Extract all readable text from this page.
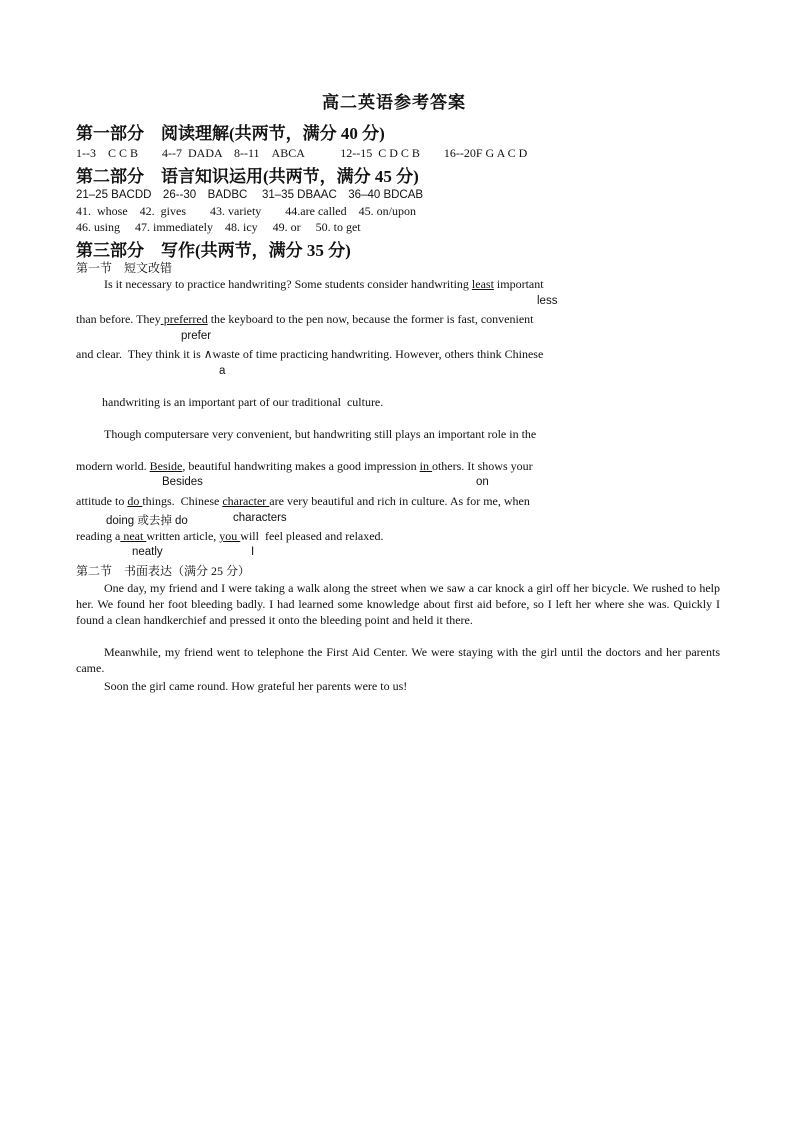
高二英语参考答案
第一部分　阅读理解(共两节，满分 40 分)
1--3　C C B　　4--7  DADA　8--11　ABCA　　　12--15  C D C B　　16--20F G A C D
第二部分　语言知识运用(共两节，满分 45 分)
21–25 BACDD　26--30　BADBC　 31–35 DBAAC　36–40 BDCAB
41.  whose　42.  gives　　43. variety　　44.are called　45. on/upon
46. using　 47. immediately　48. icy　 49. or　 50. to get
第三部分　写作(共两节，满分 35 分)
第一节　短文改错
Is it necessary to practice handwriting? Some students consider handwriting least important
less
than before. They preferred the keyboard to the pen now, because the former is fast, convenient
prefer
and clear.  They think it is ∧waste of time practicing handwriting. However, others think Chinese
a
handwriting is an important part of our traditional  culture.
Though computersare very convenient, but handwriting still plays an important role in the
modern world. Beside, beautiful handwriting makes a good impression in others. It shows your
Besides	on
attitude to do things.  Chinese character are very beautiful and rich in culture. As for me, when
doing 或去掉 do	characters
reading a neat written article, you will  feel pleased and relaxed.
neatly	I
第二节　书面表达（满分 25 分）
One day, my friend and I were taking a walk along the street when we saw a car knock a girl off her bicycle. We rushed to help her. We found her foot bleeding badly. I had learned some knowledge about first aid before, so I left her where she was. Quickly I found a clean handkerchief and pressed it onto the bleeding point and held it there.
Meanwhile, my friend went to telephone the First Aid Center. We were staying with the girl until the doctors and her parents came.
Soon the girl came round. How grateful her parents were to us!
